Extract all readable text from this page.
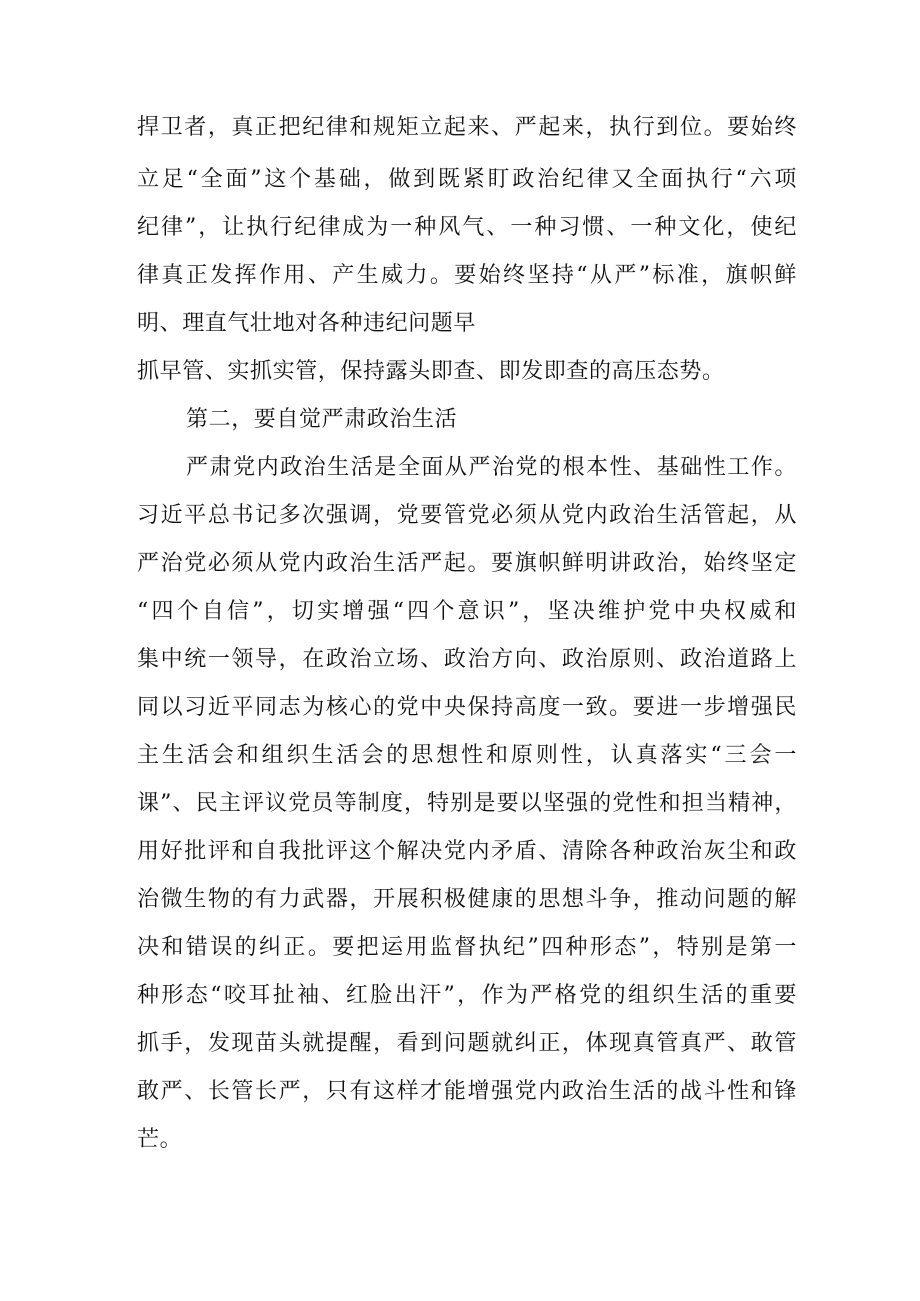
捍卫者，真正把纪律和规矩立起来、严起来，执行到位。要始终
立足“全面”这个基础，做到既紧盯政治纪律又全面执行“六项
纪律”，让执行纪律成为一种风气、一种习惯、一种文化，使纪
律真正发挥作用、产生威力。要始终坚持“从严”标准，旗帜鲜
明、理直气壮地对各种违纪问题早
抓早管、实抓实管，保持露头即查、即发即查的高压态势。
第二，要自觉严肃政治生活
严肃党内政治生活是全面从严治党的根本性、基础性工作。
习近平总书记多次强调，党要管党必须从党内政治生活管起，从
严治党必须从党内政治生活严起。要旗帜鲜明讲政治，始终坚定
“四个自信”，切实增强“四个意识”，坚决维护党中央权威和
集中统一领导，在政治立场、政治方向、政治原则、政治道路上
同以习近平同志为核心的党中央保持高度一致。要进一步增强民
主生活会和组织生活会的思想性和原则性，认真落实“三会一
课”、民主评议党员等制度，特别是要以坚强的党性和担当精神，
用好批评和自我批评这个解决党内矛盾、清除各种政治灰尘和政
治微生物的有力武器，开展积极健康的思想斗争，推动问题的解
决和错误的纠正。要把运用监督执纪”四种形态”，特别是第一
种形态“咬耳扯袖、红脸出汗”，作为严格党的组织生活的重要
抓手，发现苗头就提醒，看到问题就纠正，体现真管真严、敢管
敢严、长管长严，只有这样才能增强党内政治生活的战斗性和锋
芒。
